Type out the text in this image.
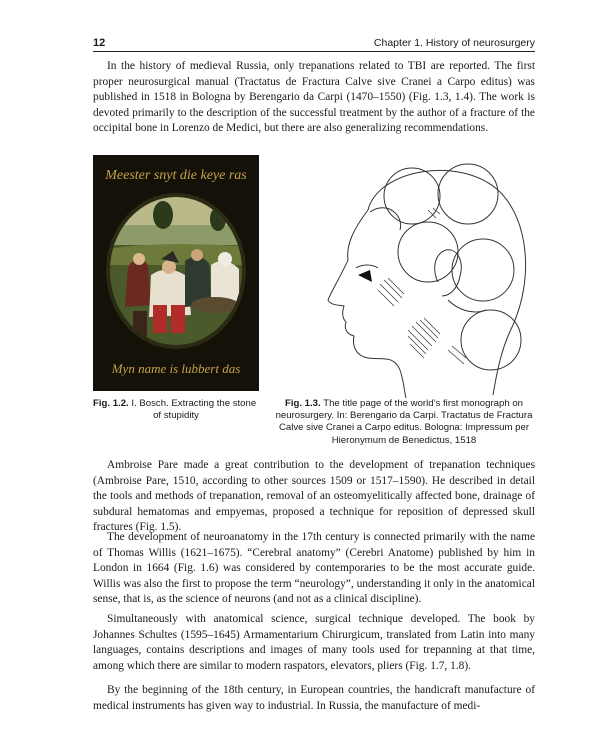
12	Chapter 1. History of neurosurgery

In the history of medieval Russia, only trepanations related to TBI are reported. The first proper neurosurgical manual (Tractatus de Fractura Calve sive Cranei a Carpo editus) was published in 1518 in Bologna by Berengario da Carpi (1470–1550) (Fig. 1.3, 1.4). The work is devoted primarily to the description of the successful treatment by the author of a fracture of the occipital bone in Lorenzo de Medici, but there are also generalizing recommendations.

Meester snyt die keye ras
Myn name is lubbert das
Fig. 1.2. I. Bosch. Extracting the stone
of stupidity
Fig. 1.3. The title page of the world’s first monograph on neurosurgery. In: Berengario da Carpi. Tractatus de Fractura Calve sive Cranei a Carpo editus. Bologna: Impressum per Hieronymum de Benedictus, 1518

Ambroise Pare made a great contribution to the development of trepanation techniques (Ambroise Pare, 1510, according to other sources 1509 or 1517–1590). He described in detail the tools and methods of trepanation, removal of an osteomyelitically affected bone, drainage of subdural hematomas and empyemas, proposed a technique for reposition of depressed skull fractures (Fig. 1.5).

The development of neuroanatomy in the 17th century is connected primarily with the name of Thomas Willis (1621–1675). “Cerebral anatomy” (Cerebri Anatome) published by him in London in 1664 (Fig. 1.6) was considered by contemporaries to be the most accurate guide. Willis was also the first to propose the term “neurology”, understanding it only in the anatomical sense, that is, as the science of neurons (and not as a clinical discipline).

Simultaneously with anatomical science, surgical technique developed. The book by Johannes Schultes (1595–1645) Armamentarium Chirurgicum, translated from Latin into many languages, contains descriptions and images of many tools used for trepanning at that time, among which there are similar to modern raspators, elevators, pliers (Fig. 1.7, 1.8).

By the beginning of the 18th century, in European countries, the handicraft manufacture of medical instruments has given way to industrial. In Russia, the manufacture of medi-
